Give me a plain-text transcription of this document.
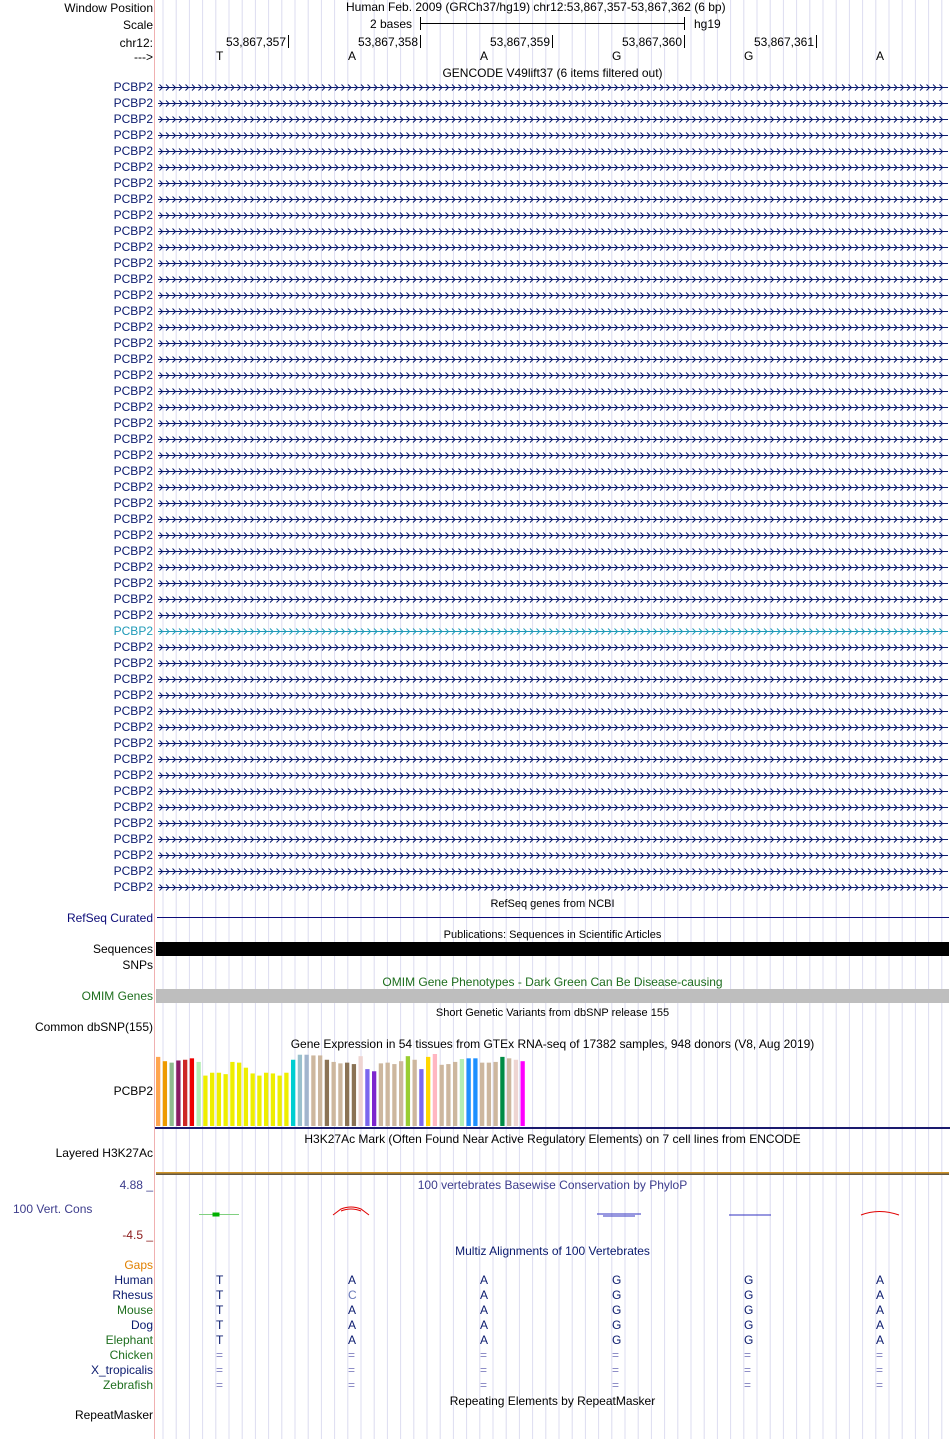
Window Position
Scale
chr12:
--->
Human Feb. 2009 (GRCh37/hg19) chr12:53,867,357-53,867,362 (6 bp)
2 bases	hg19
53,867,357	53,867,358	53,867,359	53,867,360	53,867,361
T	A	A	G	G	A
GENCODE V49lift37 (6 items filtered out)
PCBP2
PCBP2
PCBP2
PCBP2
PCBP2
PCBP2
PCBP2
PCBP2
PCBP2
PCBP2
PCBP2
PCBP2
PCBP2
PCBP2
PCBP2
PCBP2
PCBP2
PCBP2
PCBP2
PCBP2
PCBP2
PCBP2
PCBP2
PCBP2
PCBP2
PCBP2
PCBP2
PCBP2
PCBP2
PCBP2
PCBP2
PCBP2
PCBP2
PCBP2
PCBP2
PCBP2
PCBP2
PCBP2
PCBP2
PCBP2
PCBP2
PCBP2
PCBP2
PCBP2
PCBP2
PCBP2
PCBP2
PCBP2
PCBP2
PCBP2
PCBP2
RefSeq genes from NCBI
RefSeq Curated
Publications: Sequences in Scientific Articles
Sequences
SNPs
OMIM Gene Phenotypes - Dark Green Can Be Disease-causing
OMIM Genes
Short Genetic Variants from dbSNP release 155
Common dbSNP(155)
Gene Expression in 54 tissues from GTEx RNA-seq of 17382 samples, 948 donors (V8, Aug 2019)
PCBP2
H3K27Ac Mark (Often Found Near Active Regulatory Elements) on 7 cell lines from ENCODE
Layered H3K27Ac
100 vertebrates Basewise Conservation by PhyloP
4.88 _
100 Vert. Cons
-4.5 _
Multiz Alignments of 100 Vertebrates
Gaps
Human	T	A	A	G	G	A
Rhesus	T	C	A	G	G	A
Mouse	T	A	A	G	G	A
Dog	T	A	A	G	G	A
Elephant	T	A	A	G	G	A
Chicken	=	=	=	=	=	=
X_tropicalis	=	=	=	=	=	=
Zebrafish	=	=	=	=	=	=
Repeating Elements by RepeatMasker
RepeatMasker
